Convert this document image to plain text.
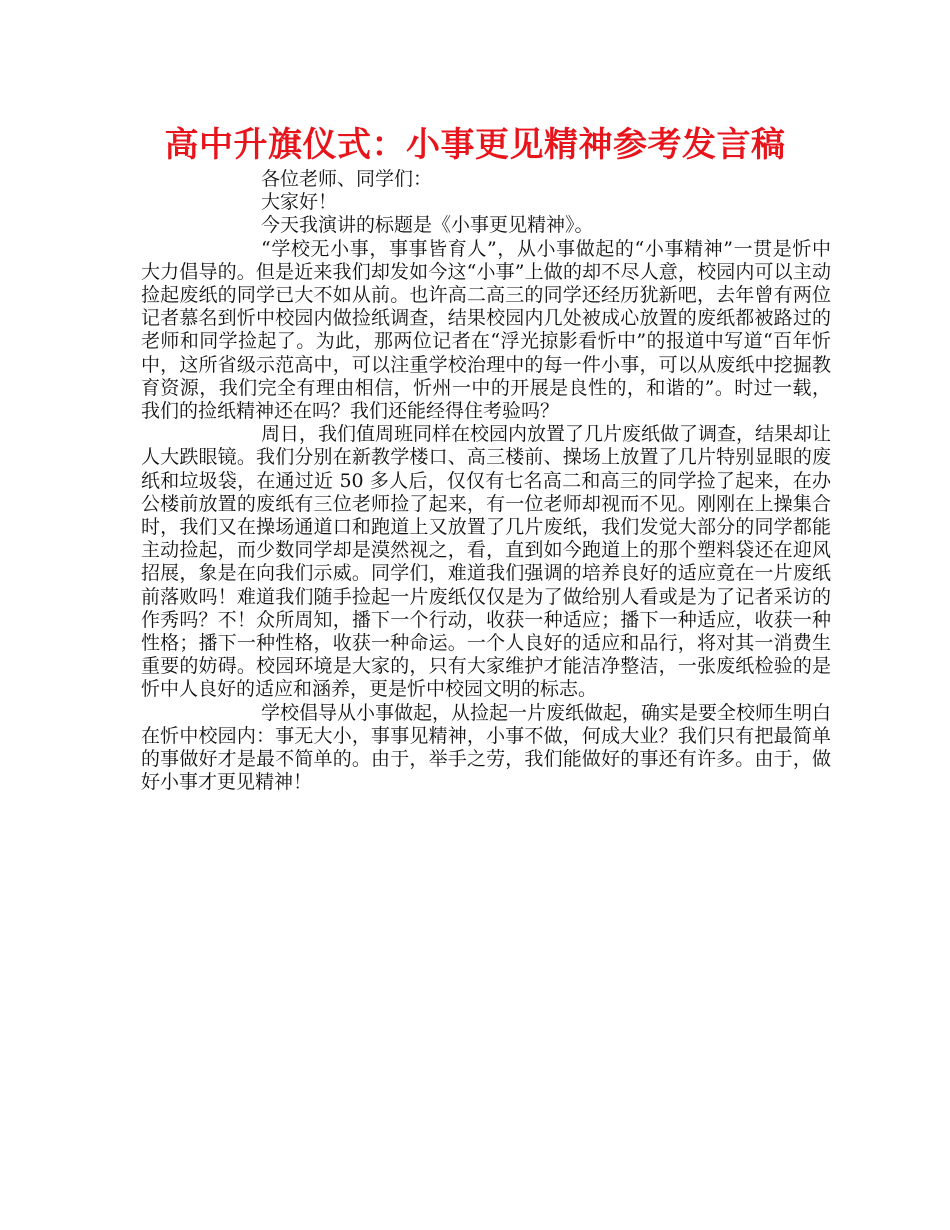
高中升旗仪式：小事更见精神参考发言稿

各位老师、同学们：

大家好！

今天我演讲的标题是《小事更见精神》。

“学校无小事，事事皆育人”，从小事做起的“小事精神”一贯是忻中大力倡导的。但是近来我们却发如今这“小事”上做的却不尽人意，校园内可以主动捡起废纸的同学已大不如从前。也许高二高三的同学还经历犹新吧，去年曾有两位记者慕名到忻中校园内做捡纸调查，结果校园内几处被成心放置的废纸都被路过的老师和同学捡起了。为此，那两位记者在“浮光掠影看忻中”的报道中写道“百年忻中，这所省级示范高中，可以注重学校治理中的每一件小事，可以从废纸中挖掘教育资源，我们完全有理由相信，忻州一中的开展是良性的，和谐的”。时过一载，我们的捡纸精神还在吗？我们还能经得住考验吗？

周日，我们值周班同样在校园内放置了几片废纸做了调查，结果却让人大跌眼镜。我们分别在新教学楼口、高三楼前、操场上放置了几片特别显眼的废纸和垃圾袋，在通过近 50 多人后，仅仅有七名高二和高三的同学捡了起来，在办公楼前放置的废纸有三位老师捡了起来，有一位老师却视而不见。刚刚在上操集合时，我们又在操场通道口和跑道上又放置了几片废纸，我们发觉大部分的同学都能主动捡起，而少数同学却是漠然视之，看，直到如今跑道上的那个塑料袋还在迎风招展，象是在向我们示威。同学们，难道我们强调的培养良好的适应竟在一片废纸前落败吗！难道我们随手捡起一片废纸仅仅是为了做给别人看或是为了记者采访的作秀吗？不！众所周知，播下一个行动，收获一种适应；播下一种适应，收获一种性格；播下一种性格，收获一种命运。一个人良好的适应和品行，将对其一消费生重要的妨碍。校园环境是大家的，只有大家维护才能洁净整洁，一张废纸检验的是忻中人良好的适应和涵养，更是忻中校园文明的标志。

学校倡导从小事做起，从捡起一片废纸做起，确实是要全校师生明白在忻中校园内：事无大小，事事见精神，小事不做，何成大业？我们只有把最简单的事做好才是最不简单的。由于，举手之劳，我们能做好的事还有许多。由于，做好小事才更见精神！
